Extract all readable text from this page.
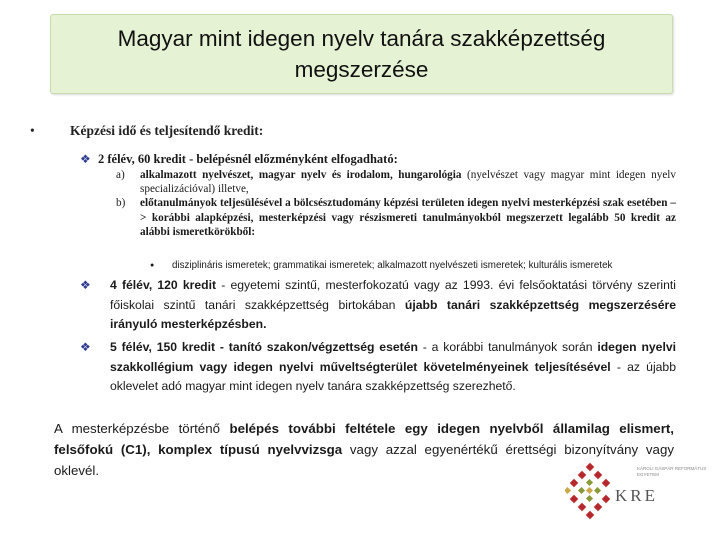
Magyar mint idegen nyelv tanára szakképzettség megszerzése
•	Képzési idő és teljesítendő kredit:
❖ 2 félév, 60 kredit - belépésnél előzményként elfogadható:
a) alkalmazott nyelvészet, magyar nyelv és irodalom, hungarológia (nyelvészet vagy magyar mint idegen nyelv specializációval) illetve,
b) előtanulmányok teljesülésével a bölcsésztudomány képzési területen idegen nyelvi mesterképzési szak esetében –> korábbi alapképzési, mesterképzési vagy részismereti tanulmányokból megszerzett legalább 50 kredit az alábbi ismeretkörökből:
● disziplináris ismeretek; grammatikai ismeretek; alkalmazott nyelvészeti ismeretek; kulturális ismeretek
❖	4 félév, 120 kredit - egyetemi szintű, mesterfokozatú vagy az 1993. évi felsőoktatási törvény szerinti főiskolai szintű tanári szakképzettség birtokában újabb tanári szakképzettség megszerzésére irányuló mesterképzésben.
❖	5 félév, 150 kredit - tanító szakon/végzettség esetén - a korábbi tanulmányok során idegen nyelvi szakkollégium vagy idegen nyelvi műveltségterület követelményeinek teljesítésével - az újabb oklevelet adó magyar mint idegen nyelv tanára szakképzettség szerezhető.
A mesterképzésbe történő belépés további feltétele egy idegen nyelvből államilag elismert, felsőfokú (C1), komplex típusú nyelvvizsga vagy azzal egyenértékű érettségi bizonyítvány vagy oklevél.	KÁROLI GÁSPÁR REFORMÁTUS EGYETEM
KRE
